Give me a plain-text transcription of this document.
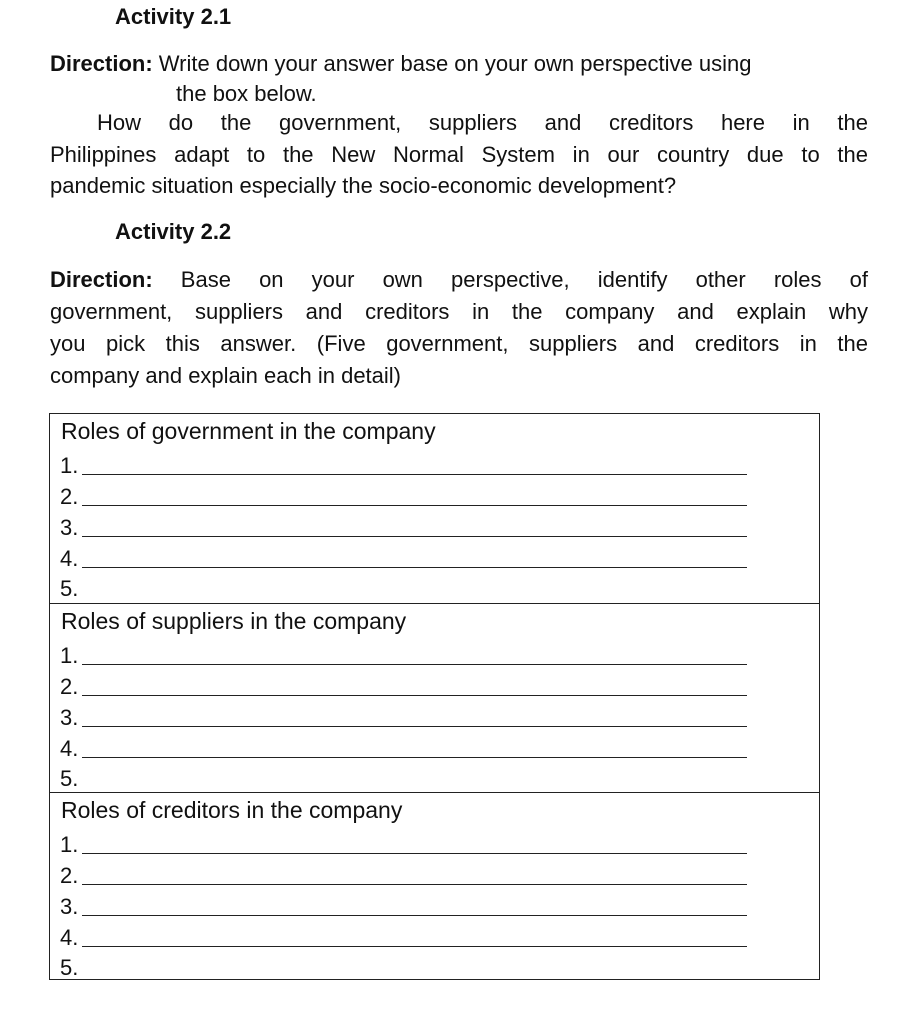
Activity 2.1
Direction: Write down your answer base on your own perspective using
the box below.
How do the government, suppliers and creditors here in the
Philippines adapt to the New Normal System in our country due to the
pandemic situation especially the socio-economic development?
Activity 2.2
Direction: Base on your own perspective, identify other roles of
government, suppliers and creditors in the company and explain why
you pick this answer. (Five government, suppliers and creditors in the
company and explain each in detail)
Roles of government in the company
1.
2.
3.
4.
5.
Roles of suppliers in the company
1.
2.
3.
4.
5.
Roles of creditors in the company
1.
2.
3.
4.
5.
